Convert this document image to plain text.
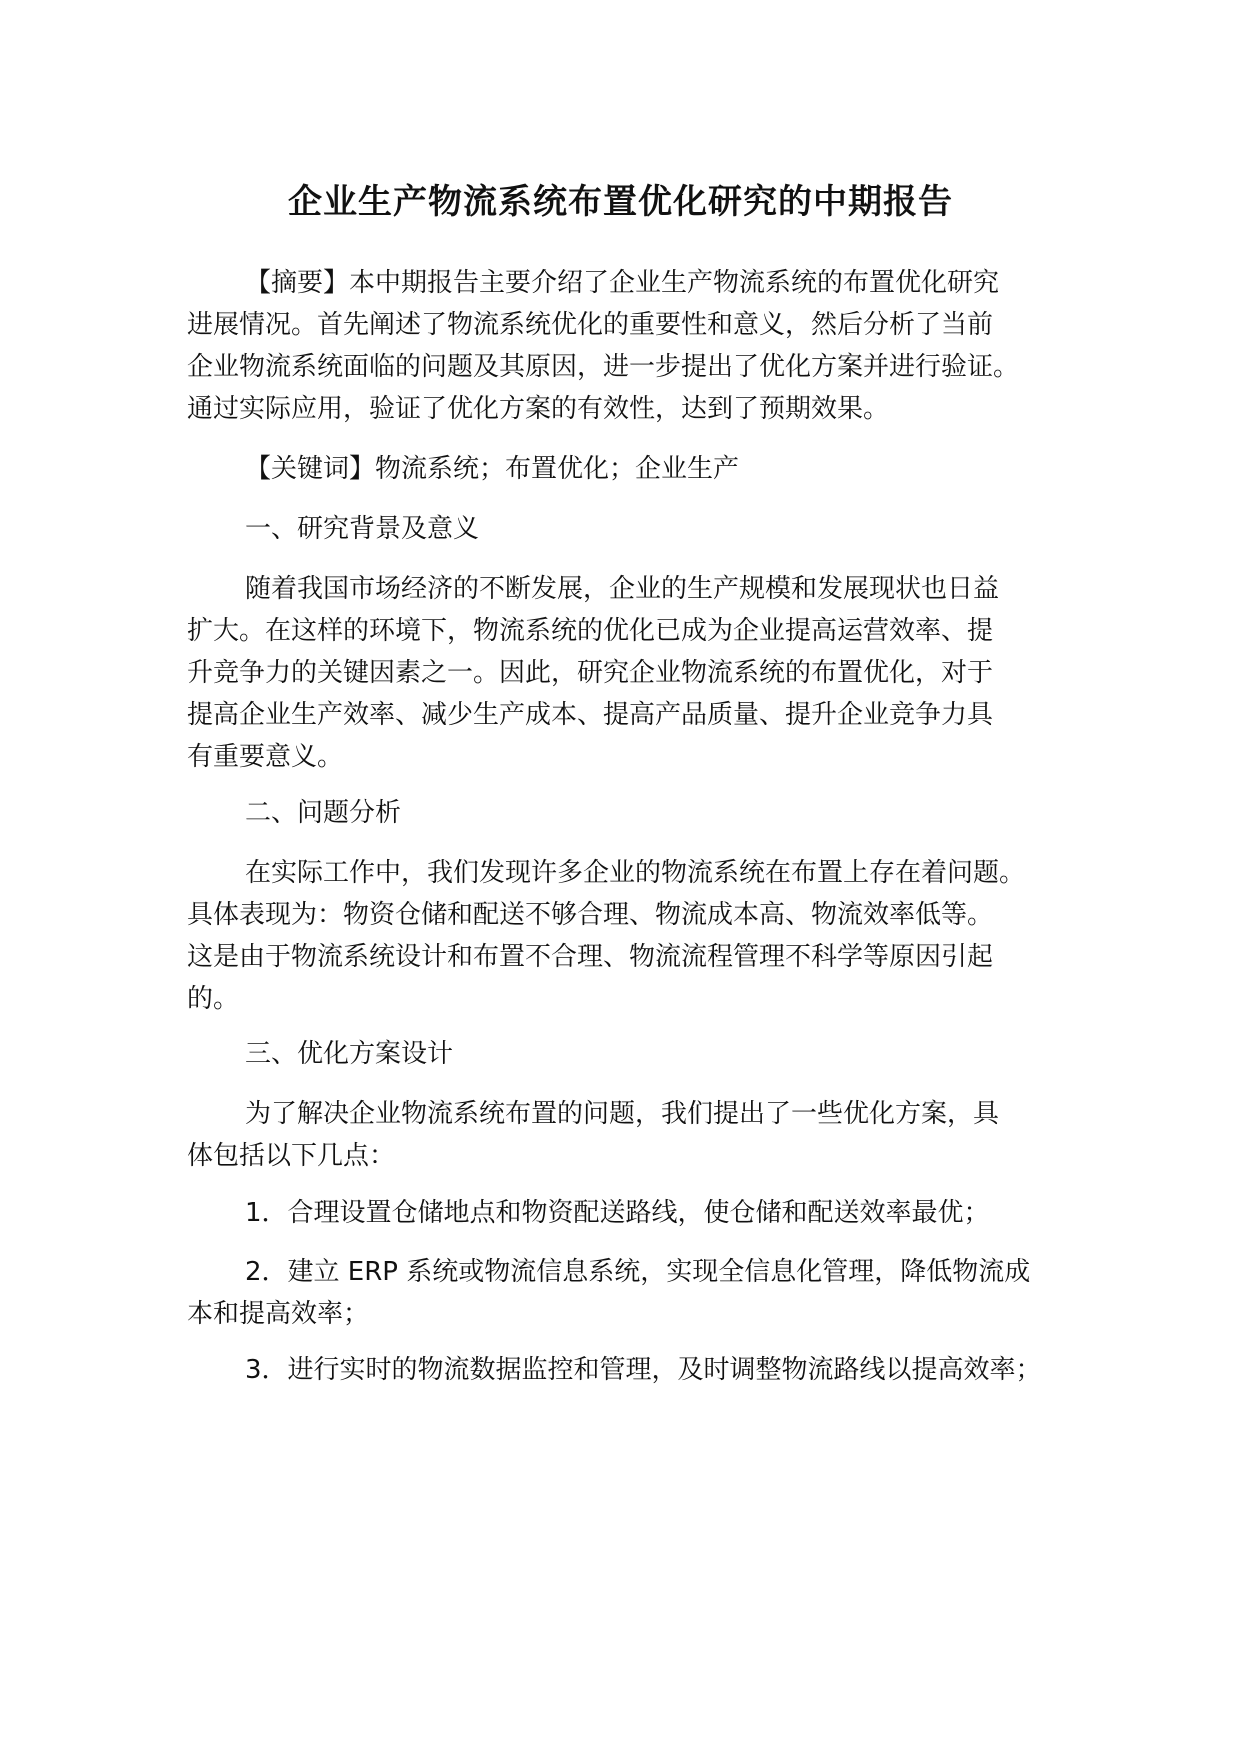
企业生产物流系统布置优化研究的中期报告
【摘要】本中期报告主要介绍了企业生产物流系统的布置优化研究
进展情况。首先阐述了物流系统优化的重要性和意义，然后分析了当前
企业物流系统面临的问题及其原因，进一步提出了优化方案并进行验证。
通过实际应用，验证了优化方案的有效性，达到了预期效果。
【关键词】物流系统；布置优化；企业生产
一、研究背景及意义
随着我国市场经济的不断发展，企业的生产规模和发展现状也日益
扩大。在这样的环境下，物流系统的优化已成为企业提高运营效率、提
升竞争力的关键因素之一。因此，研究企业物流系统的布置优化，对于
提高企业生产效率、减少生产成本、提高产品质量、提升企业竞争力具
有重要意义。
二、问题分析
在实际工作中，我们发现许多企业的物流系统在布置上存在着问题。
具体表现为：物资仓储和配送不够合理、物流成本高、物流效率低等。
这是由于物流系统设计和布置不合理、物流流程管理不科学等原因引起
的。
三、优化方案设计
为了解决企业物流系统布置的问题，我们提出了一些优化方案，具
体包括以下几点：
1．合理设置仓储地点和物资配送路线，使仓储和配送效率最优；
2．建立 ERP 系统或物流信息系统，实现全信息化管理，降低物流成
本和提高效率；
3．进行实时的物流数据监控和管理，及时调整物流路线以提高效率；
